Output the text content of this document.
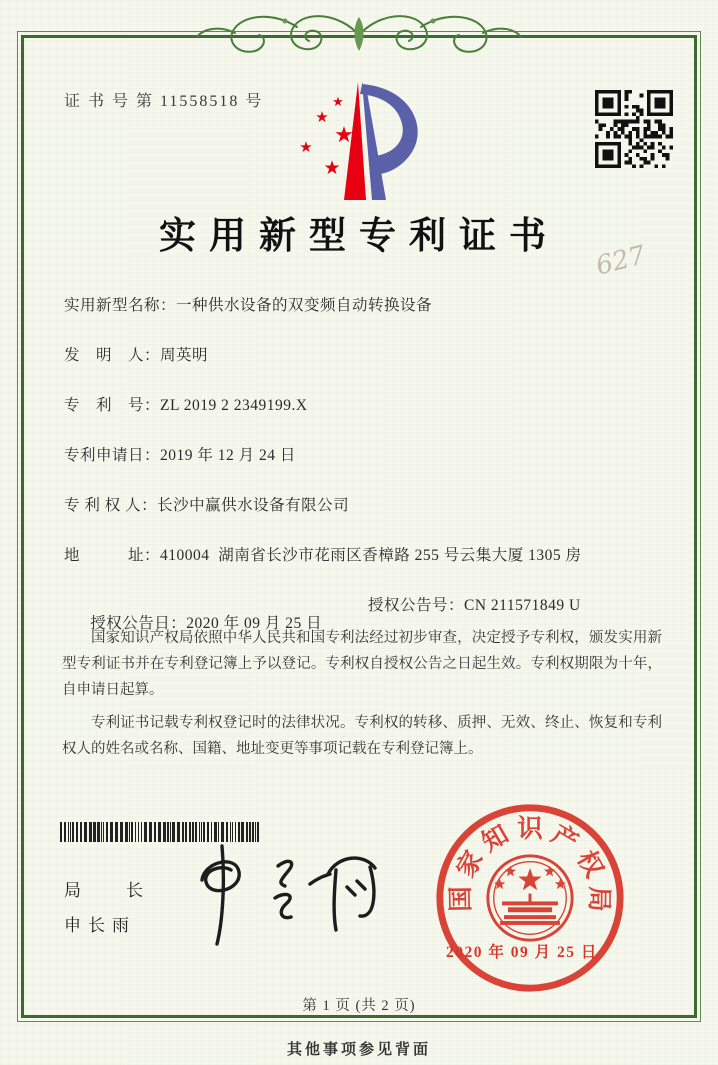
证 书 号 第 11558518 号	★
★
★
★
★
实用新型专利证书
627
实用新型名称：一种供水设备的双变频自动转换设备
发　明　人：周英明
专　利　号：ZL 2019 2 2349199.X
专利申请日：2019 年 12 月 24 日
专 利 权 人：长沙中赢供水设备有限公司
地　　　址：410004  湖南省长沙市花雨区香樟路 255 号云集大厦 1305 房

授权公告日：2020 年 09 月 25 日

授权公告号：CN 211571849 U

国家知识产权局依照中华人民共和国专利法经过初步审查，决定授予专利权，颁发实用新型专利证书并在专利登记簿上予以登记。专利权自授权公告之日起生效。专利权期限为十年，自申请日起算。

专利证书记载专利权登记时的法律状况。专利权的转移、质押、无效、终止、恢复和专利权人的姓名或名称、国籍、地址变更等事项记载在专利登记簿上。

局　长
申长雨
国
家
知 识 产
权
局
2020 年 09 月 25 日
第 1 页 (共 2 页)
其他事项参见背面
